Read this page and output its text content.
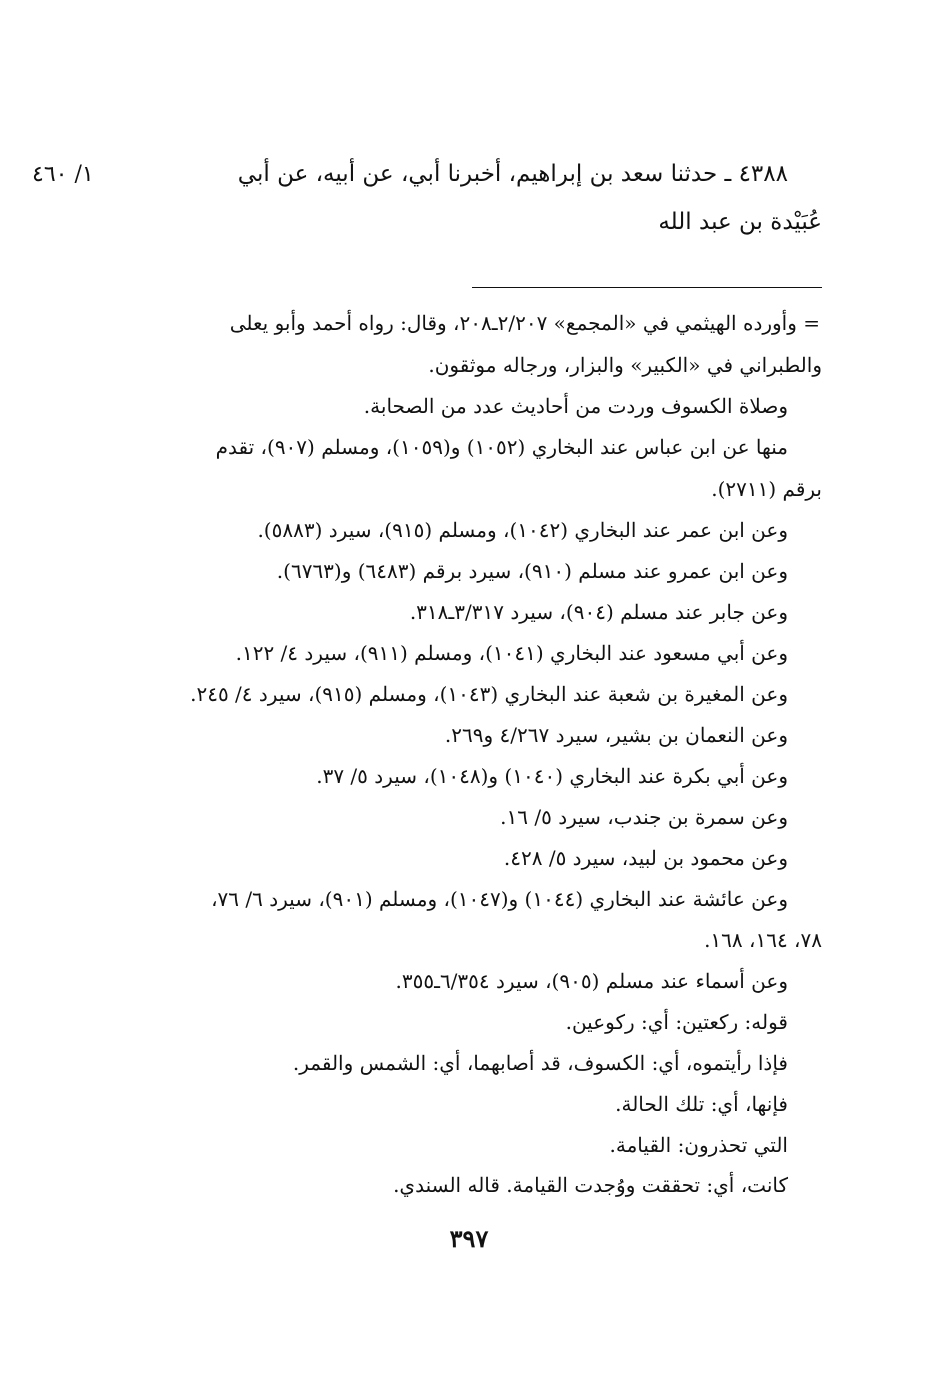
٤٣٨٨ ـ حدثنا سعد بن إبراهيم، أخبرنا أبي، عن أبيه، عن أبي
١/ ٤٦٠
عُبَيْدة بن عبد الله
= وأورده الهيثمي في «المجمع» ٢/٢٠٧ـ٢٠٨، وقال: رواه أحمد وأبو يعلى
والطبراني في «الكبير» والبزار، ورجاله موثقون.
وصلاة الكسوف وردت من أحاديث عدد من الصحابة.
منها عن ابن عباس عند البخاري (١٠٥٢) و(١٠٥٩)، ومسلم (٩٠٧)، تقدم
برقم (٢٧١١).
وعن ابن عمر عند البخاري (١٠٤٢)، ومسلم (٩١٥)، سيرد (٥٨٨٣).
وعن ابن عمرو عند مسلم (٩١٠)، سيرد برقم (٦٤٨٣) و(٦٧٦٣).
وعن جابر عند مسلم (٩٠٤)، سيرد ٣/٣١٧ـ٣١٨.
وعن أبي مسعود عند البخاري (١٠٤١)، ومسلم (٩١١)، سيرد ٤/ ١٢٢.
وعن المغيرة بن شعبة عند البخاري (١٠٤٣)، ومسلم (٩١٥)، سيرد ٤/ ٢٤٥.
وعن النعمان بن بشير، سيرد ٤/٢٦٧ و٢٦٩.
وعن أبي بكرة عند البخاري (١٠٤٠) و(١٠٤٨)، سيرد ٥/ ٣٧.
وعن سمرة بن جندب، سيرد ٥/ ١٦.
وعن محمود بن لبيد، سيرد ٥/ ٤٢٨.
وعن عائشة عند البخاري (١٠٤٤) و(١٠٤٧)، ومسلم (٩٠١)، سيرد ٦/ ٧٦،
٧٨، ١٦٤، ١٦٨.
وعن أسماء عند مسلم (٩٠٥)، سيرد ٦/٣٥٤ـ٣٥٥.
قوله: ركعتين: أي: ركوعين.
فإذا رأيتموه، أي: الكسوف، قد أصابهما، أي: الشمس والقمر.
فإنها، أي: تلك الحالة.
التي تحذرون: القيامة.
كانت، أي: تحققت ووُجدت القيامة. قاله السندي.
٣٩٧
